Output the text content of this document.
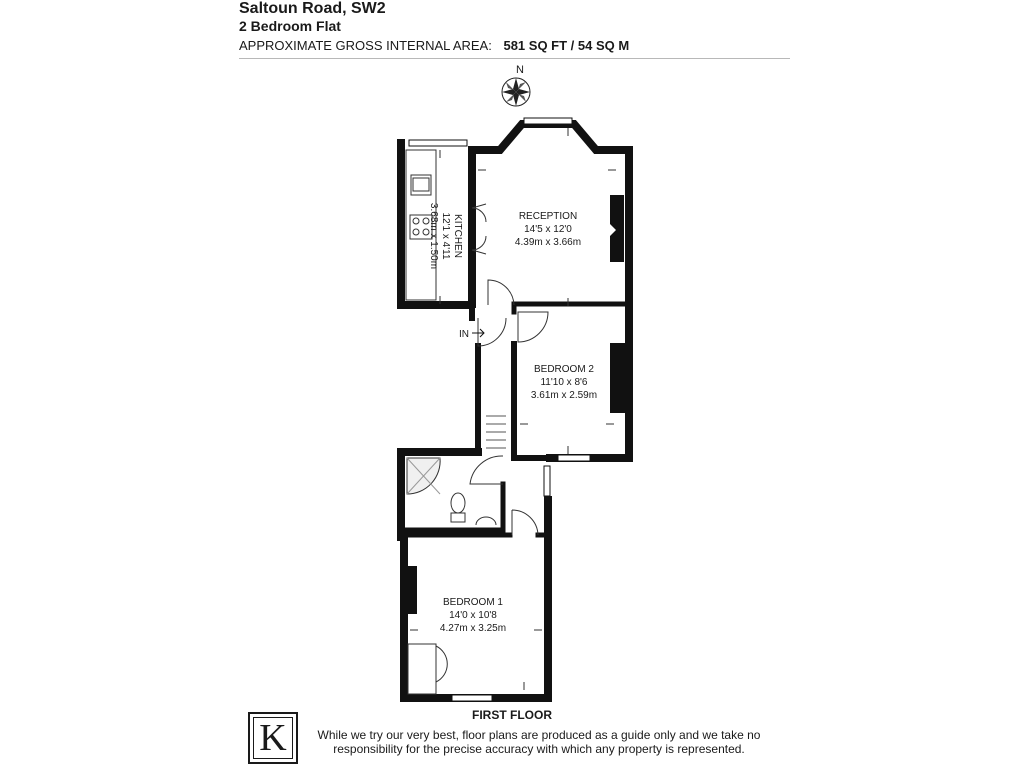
Saltoun Road, SW2
2 Bedroom Flat
APPROXIMATE GROSS INTERNAL AREA: 581 SQ FT / 54 SQ M
N
RECEPTION
14'5 x 12'0
4.39m x 3.66m
KITCHEN
12'1 x 4'11
3.68m x 1.50m
BEDROOM 2
11'10 x 8'6
3.61m x 2.59m
BEDROOM 1
14'0 x 10'8
4.27m x 3.25m
IN
FIRST FLOOR
K	While we try our very best, floor plans are produced as a guide only and we take no responsibility for the precise accuracy with which any property is represented.
